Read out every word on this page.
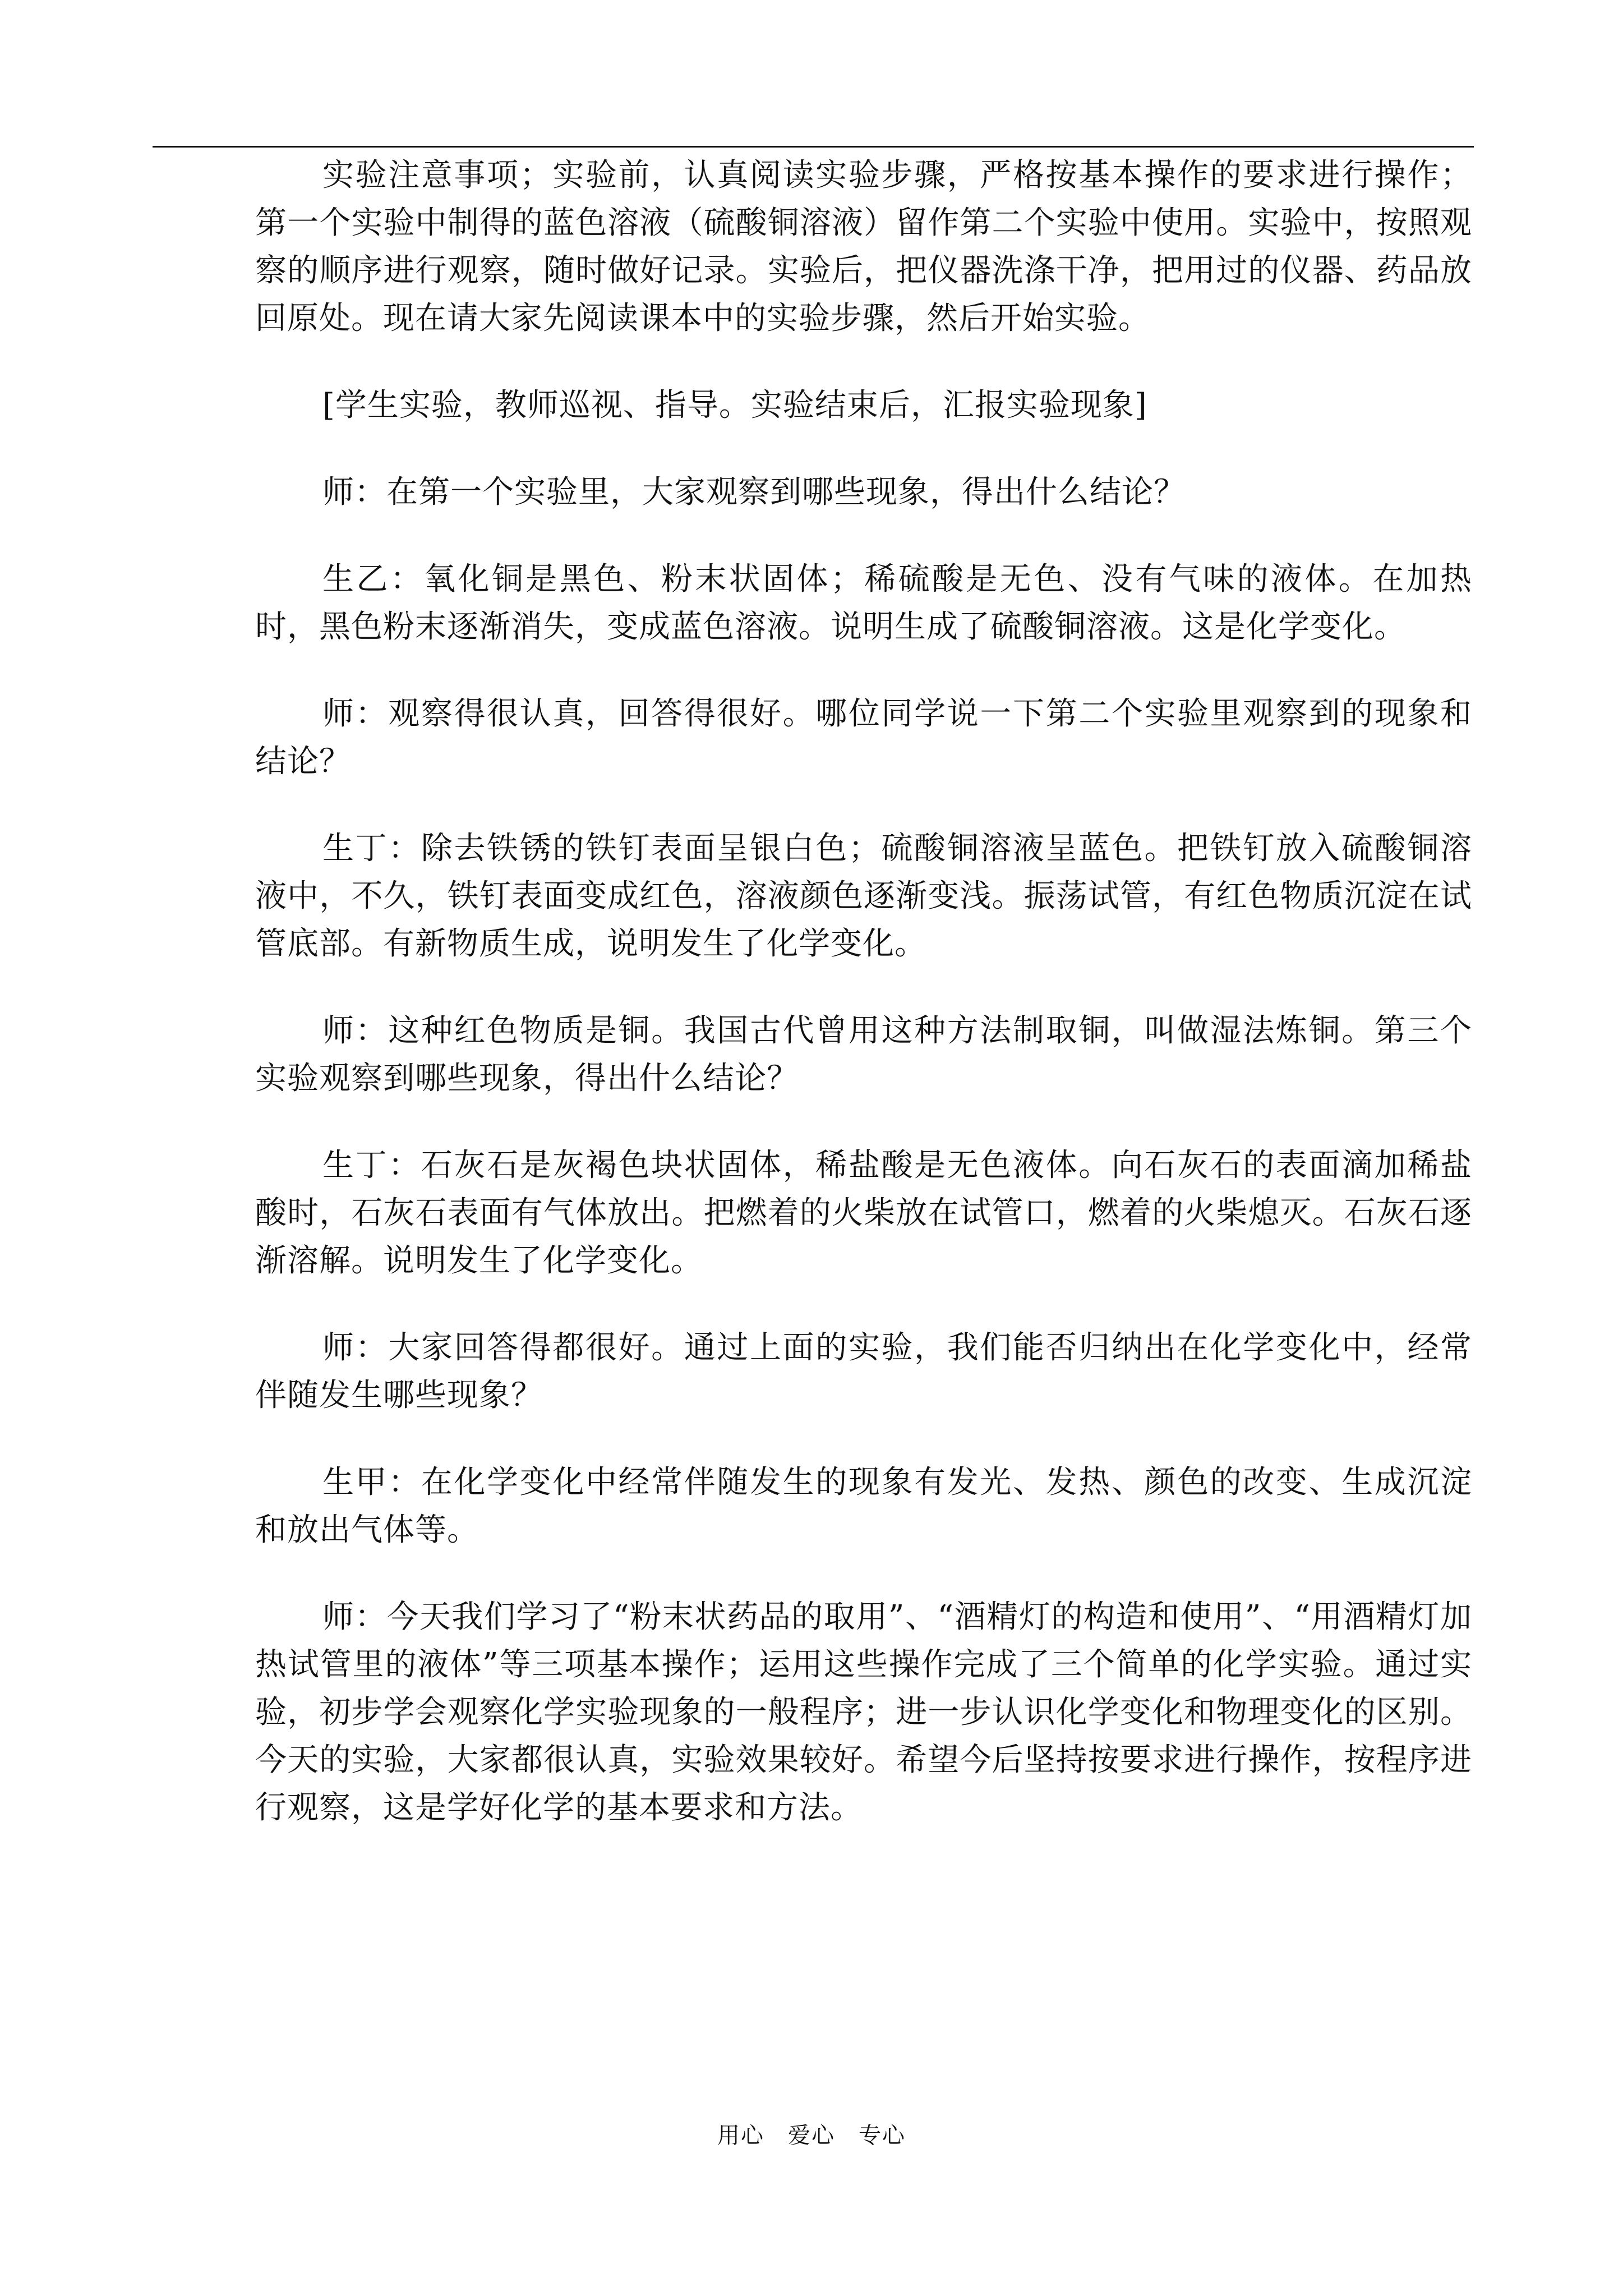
实验注意事项；实验前，认真阅读实验步骤，严格按基本操作的要求进行操作；第一个实验中制得的蓝色溶液（硫酸铜溶液）留作第二个实验中使用。实验中，按照观察的顺序进行观察，随时做好记录。实验后，把仪器洗涤干净，把用过的仪器、药品放回原处。现在请大家先阅读课本中的实验步骤，然后开始实验。

[学生实验，教师巡视、指导。实验结束后，汇报实验现象]

师：在第一个实验里，大家观察到哪些现象，得出什么结论？

生乙：氧化铜是黑色、粉末状固体；稀硫酸是无色、没有气味的液体。在加热时，黑色粉末逐渐消失，变成蓝色溶液。说明生成了硫酸铜溶液。这是化学变化。

师：观察得很认真，回答得很好。哪位同学说一下第二个实验里观察到的现象和结论？

生丁：除去铁锈的铁钉表面呈银白色；硫酸铜溶液呈蓝色。把铁钉放入硫酸铜溶液中，不久，铁钉表面变成红色，溶液颜色逐渐变浅。振荡试管，有红色物质沉淀在试管底部。有新物质生成，说明发生了化学变化。

师：这种红色物质是铜。我国古代曾用这种方法制取铜，叫做湿法炼铜。第三个实验观察到哪些现象，得出什么结论？

生丁：石灰石是灰褐色块状固体，稀盐酸是无色液体。向石灰石的表面滴加稀盐酸时，石灰石表面有气体放出。把燃着的火柴放在试管口，燃着的火柴熄灭。石灰石逐渐溶解。说明发生了化学变化。

师：大家回答得都很好。通过上面的实验，我们能否归纳出在化学变化中，经常伴随发生哪些现象？

生甲：在化学变化中经常伴随发生的现象有发光、发热、颜色的改变、生成沉淀和放出气体等。

师：今天我们学习了“粉末状药品的取用”、“酒精灯的构造和使用”、“用酒精灯加热试管里的液体”等三项基本操作；运用这些操作完成了三个简单的化学实验。通过实验，初步学会观察化学实验现象的一般程序；进一步认识化学变化和物理变化的区别。今天的实验，大家都很认真，实验效果较好。希望今后坚持按要求进行操作，按程序进行观察，这是学好化学的基本要求和方法。

用心　爱心　专心
